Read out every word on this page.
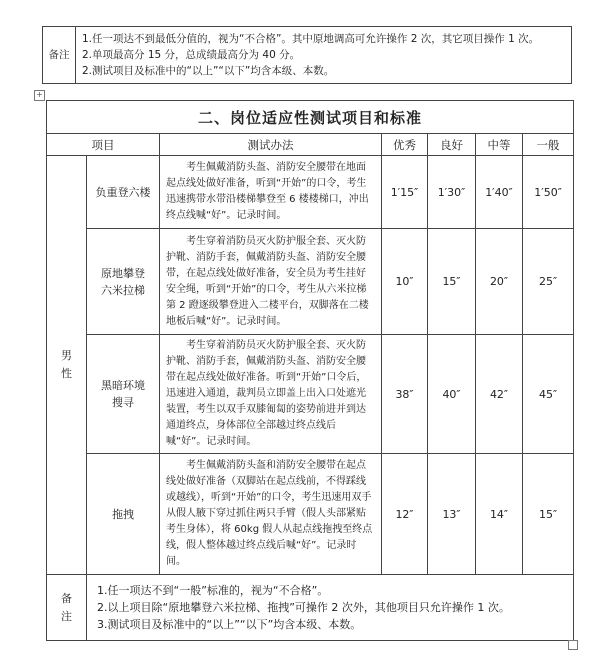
备注	
1.任一项达不到最低分值的，视为“不合格”。其中原地调高可允许操作 2 次，其它项目操作 1 次。
2.单项最高分 15 分，总成绩最高分为 40 分。
2.测试项目及标准中的“以上”“以下”均含本级、本数。
+
二、岗位适应性测试项目和标准						
项目		测试办法	优秀	良好	中等	一般
男性	负重登六楼	考生佩戴消防头盔、消防安全腰带在地面起点线处做好准备，听到“开始”的口令，考生迅速携带水带沿楼梯攀登至 6 楼楼梯口，冲出终点线喊“好”。记录时间。	1′15″	1′30″	1′40″	1′50″
	原地攀登六米拉梯	考生穿着消防员灭火防护服全套、灭火防护靴、消防手套，佩戴消防头盔、消防安全腰带，在起点线处做好准备，安全员为考生挂好安全绳，听到“开始”的口令，考生从六米拉梯第 2 蹬逐级攀登进入二楼平台，双脚落在二楼地板后喊“好”。记录时间。	10″	15″	20″	25″
	黑暗环境搜寻	考生穿着消防员灭火防护服全套、灭火防护靴、消防手套，佩戴消防头盔、消防安全腰带在起点线处做好准备。听到“开始”口令后，迅速进入通道，裁判员立即盖上出入口处遮光装置，考生以双手双膝匍匐的姿势前进并到达通道终点，身体部位全部越过终点线后喊“好”。记录时间。	38″	40″	42″	45″
	拖拽	考生佩戴消防头盔和消防安全腰带在起点线处做好准备（双脚站在起点线前，不得踩线或越线），听到“开始”的口令，考生迅速用双手从假人腋下穿过抓住两只手臂（假人头部紧贴考生身体），将 60kg 假人从起点线拖拽至终点线，假人整体越过终点线后喊“好”。记录时间。	12″	13″	14″	15″
备注	1.任一项达不到“一般”标准的，视为“不合格”。
2.以上项目除“原地攀登六米拉梯、拖拽”可操作 2 次外，其他项目只允许操作 1 次。
3.测试项目及标准中的“以上”“以下”均含本级、本数。					
